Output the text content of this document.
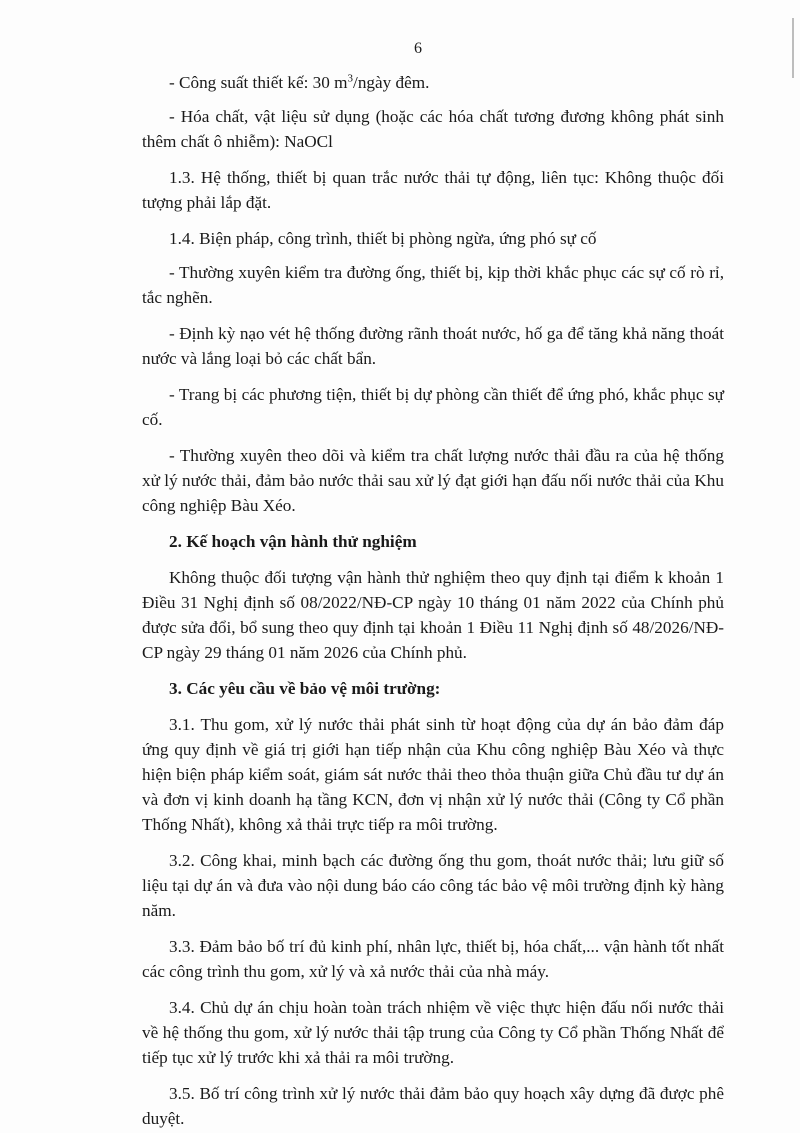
6

- Công suất thiết kế: 30 $m^3$/ngày đêm.

- Hóa chất, vật liệu sử dụng (hoặc các hóa chất tương đương không phát sinh thêm chất ô nhiễm): NaOCl

1.3. Hệ thống, thiết bị quan trắc nước thải tự động, liên tục: Không thuộc đối tượng phải lắp đặt.

1.4. Biện pháp, công trình, thiết bị phòng ngừa, ứng phó sự cố

- Thường xuyên kiểm tra đường ống, thiết bị, kịp thời khắc phục các sự cố rò rỉ, tắc nghẽn.

- Định kỳ nạo vét hệ thống đường rãnh thoát nước, hố ga để tăng khả năng thoát nước và lắng loại bỏ các chất bẩn.

- Trang bị các phương tiện, thiết bị dự phòng cần thiết để ứng phó, khắc phục sự cố.

- Thường xuyên theo dõi và kiểm tra chất lượng nước thải đầu ra của hệ thống xử lý nước thải, đảm bảo nước thải sau xử lý đạt giới hạn đấu nối nước thải của Khu công nghiệp Bàu Xéo.

2. Kế hoạch vận hành thử nghiệm

Không thuộc đối tượng vận hành thử nghiệm theo quy định tại điểm k khoản 1 Điều 31 Nghị định số 08/2022/NĐ-CP ngày 10 tháng 01 năm 2022 của Chính phủ được sửa đổi, bổ sung theo quy định tại khoản 1 Điều 11 Nghị định số 48/2026/NĐ-CP ngày 29 tháng 01 năm 2026 của Chính phủ.

3. Các yêu cầu về bảo vệ môi trường:

3.1. Thu gom, xử lý nước thải phát sinh từ hoạt động của dự án bảo đảm đáp ứng quy định về giá trị giới hạn tiếp nhận của Khu công nghiệp Bàu Xéo và thực hiện biện pháp kiểm soát, giám sát nước thải theo thỏa thuận giữa Chủ đầu tư dự án và đơn vị kinh doanh hạ tầng KCN, đơn vị nhận xử lý nước thải (Công ty Cổ phần Thống Nhất), không xả thải trực tiếp ra môi trường.

3.2. Công khai, minh bạch các đường ống thu gom, thoát nước thải; lưu giữ số liệu tại dự án và đưa vào nội dung báo cáo công tác bảo vệ môi trường định kỳ hàng năm.

3.3. Đảm bảo bố trí đủ kinh phí, nhân lực, thiết bị, hóa chất,... vận hành tốt nhất các công trình thu gom, xử lý và xả nước thải của nhà máy.

3.4. Chủ dự án chịu hoàn toàn trách nhiệm về việc thực hiện đấu nối nước thải về hệ thống thu gom, xử lý nước thải tập trung của Công ty Cổ phần Thống Nhất để tiếp tục xử lý trước khi xả thải ra môi trường.

3.5. Bố trí công trình xử lý nước thải đảm bảo quy hoạch xây dựng đã được phê duyệt.
